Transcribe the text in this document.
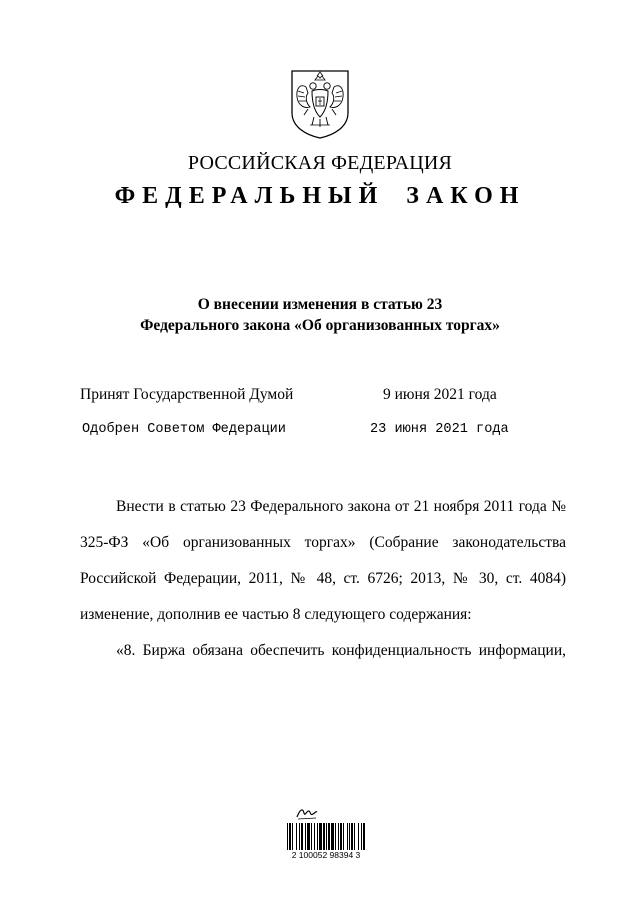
РОССИЙСКАЯ ФЕДЕРАЦИЯ
ФЕДЕРАЛЬНЫЙ ЗАКОН
О внесении изменения в статью 23
Федерального закона «Об организованных торгах»
Принят Государственной Думой	9 июня 2021 года
Одобрен Советом Федерации	23 июня 2021 года

Внести в статью 23 Федерального закона от 21 ноября 2011 года № 325-ФЗ «Об организованных торгах» (Собрание законодательства Российской Федерации, 2011, № 48, ст. 6726; 2013, № 30, ст. 4084) изменение, дополнив ее частью 8 следующего содержания:

«8. Биржа обязана обеспечить конфиденциальность информации,

2 100052 98394 3
